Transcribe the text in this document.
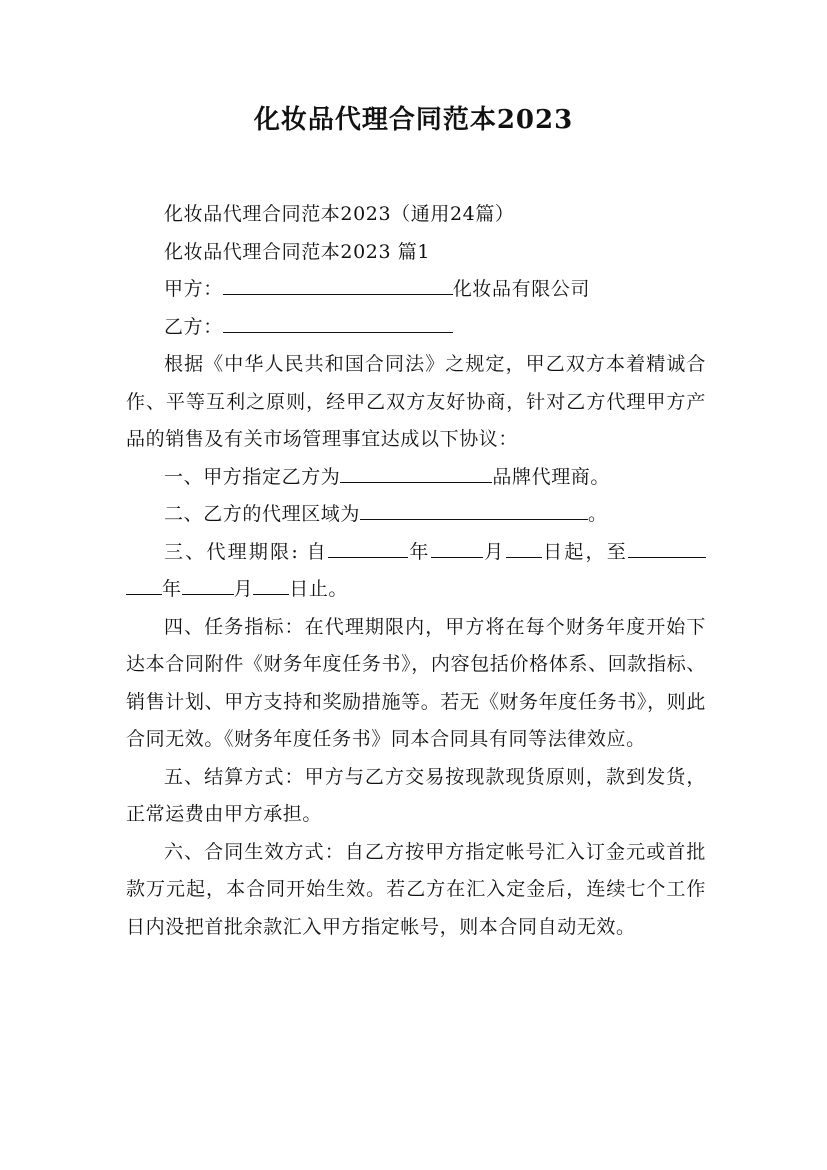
化妆品代理合同范本2023

化妆品代理合同范本2023（通用24篇）

化妆品代理合同范本2023 篇1

甲方：	化妆品有限公司

乙方：

根据《中华人民共和国合同法》之规定，甲乙双方本着精诚合作、平等互利之原则，经甲乙双方友好协商，针对乙方代理甲方产品的销售及有关市场管理事宜达成以下协议：

一、甲方指定乙方为	品牌代理商。

二、乙方的代理区域为	。

三、代理期限: 自	年	月 日起，至年	月 日止。

四、任务指标：在代理期限内，甲方将在每个财务年度开始下达本合同附件《财务年度任务书》，内容包括价格体系、回款指标、销售计划、甲方支持和奖励措施等。若无《财务年度任务书》，则此合同无效。《财务年度任务书》同本合同具有同等法律效应。

五、结算方式：甲方与乙方交易按现款现货原则，款到发货，正常运费由甲方承担。

六、合同生效方式：自乙方按甲方指定帐号汇入订金元或首批款万元起，本合同开始生效。若乙方在汇入定金后，连续七个工作日内没把首批余款汇入甲方指定帐号，则本合同自动无效。
